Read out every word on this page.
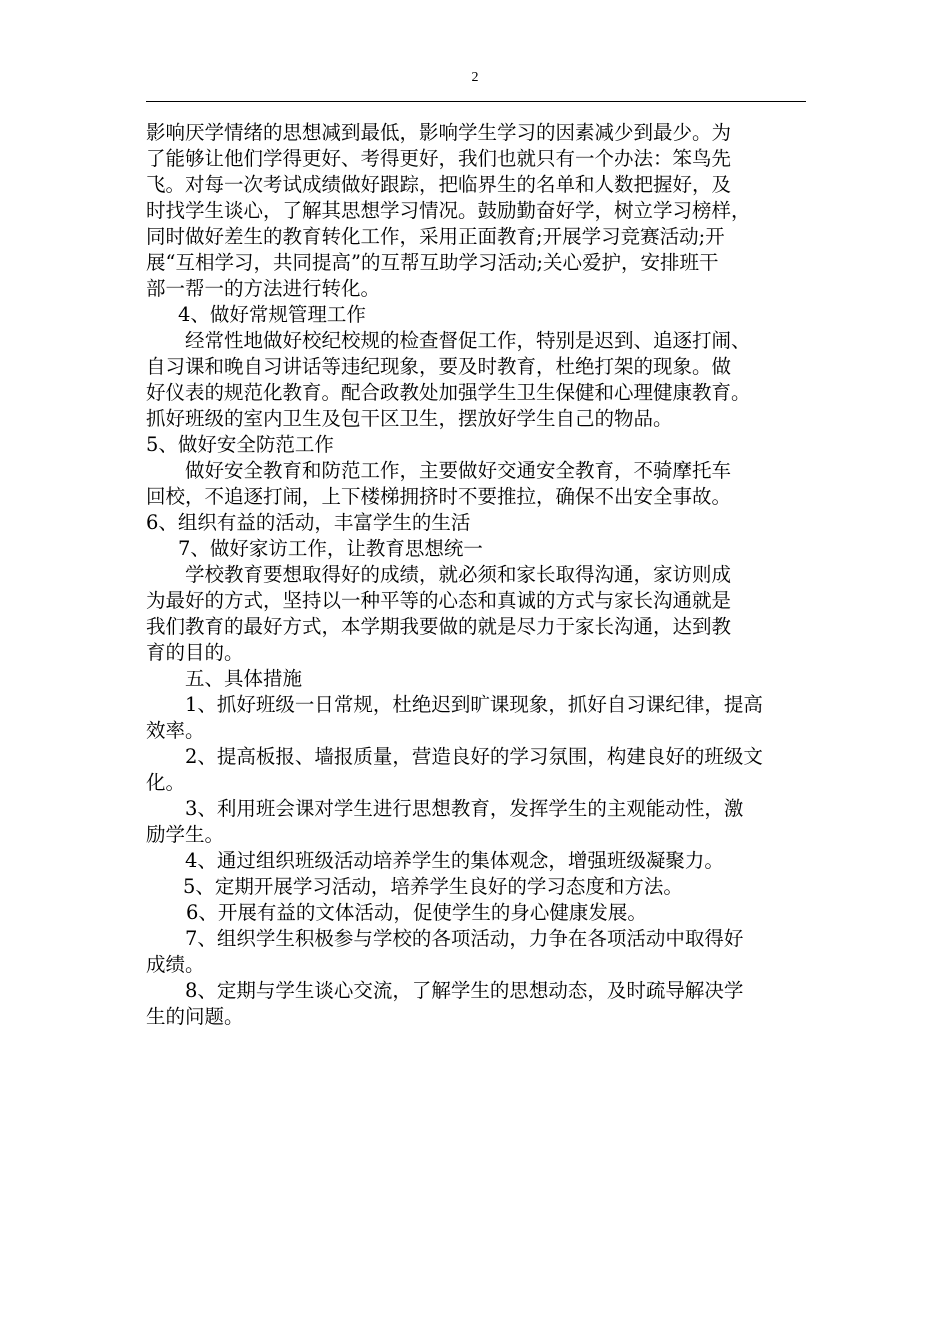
2

影响厌学情绪的思想减到最低，影响学生学习的因素减少到最少。为

了能够让他们学得更好、考得更好，我们也就只有一个办法：笨鸟先

飞。对每一次考试成绩做好跟踪，把临界生的名单和人数把握好，及

时找学生谈心，了解其思想学习情况。鼓励勤奋好学，树立学习榜样，

同时做好差生的教育转化工作，采用正面教育;开展学习竞赛活动;开

展“互相学习，共同提高”的互帮互助学习活动;关心爱护，安排班干

部一帮一的方法进行转化。

4、做好常规管理工作

经常性地做好校纪校规的检查督促工作，特别是迟到、追逐打闹、

自习课和晚自习讲话等违纪现象，要及时教育，杜绝打架的现象。做

好仪表的规范化教育。配合政教处加强学生卫生保健和心理健康教育。

抓好班级的室内卫生及包干区卫生，摆放好学生自己的物品。

5、做好安全防范工作

做好安全教育和防范工作，主要做好交通安全教育，不骑摩托车

回校，不追逐打闹，上下楼梯拥挤时不要推拉，确保不出安全事故。

6、组织有益的活动，丰富学生的生活

7、做好家访工作，让教育思想统一

学校教育要想取得好的成绩，就必须和家长取得沟通，家访则成

为最好的方式，坚持以一种平等的心态和真诚的方式与家长沟通就是

我们教育的最好方式，本学期我要做的就是尽力于家长沟通，达到教

育的目的。

五、具体措施

1、抓好班级一日常规，杜绝迟到旷课现象，抓好自习课纪律，提高

效率。

2、提高板报、墙报质量，营造良好的学习氛围，构建良好的班级文

化。

3、利用班会课对学生进行思想教育，发挥学生的主观能动性，激

励学生。

4、通过组织班级活动培养学生的集体观念，增强班级凝聚力。

5、定期开展学习活动，培养学生良好的学习态度和方法。

6、开展有益的文体活动，促使学生的身心健康发展。

7、组织学生积极参与学校的各项活动，力争在各项活动中取得好

成绩。

8、定期与学生谈心交流，了解学生的思想动态，及时疏导解决学

生的问题。
